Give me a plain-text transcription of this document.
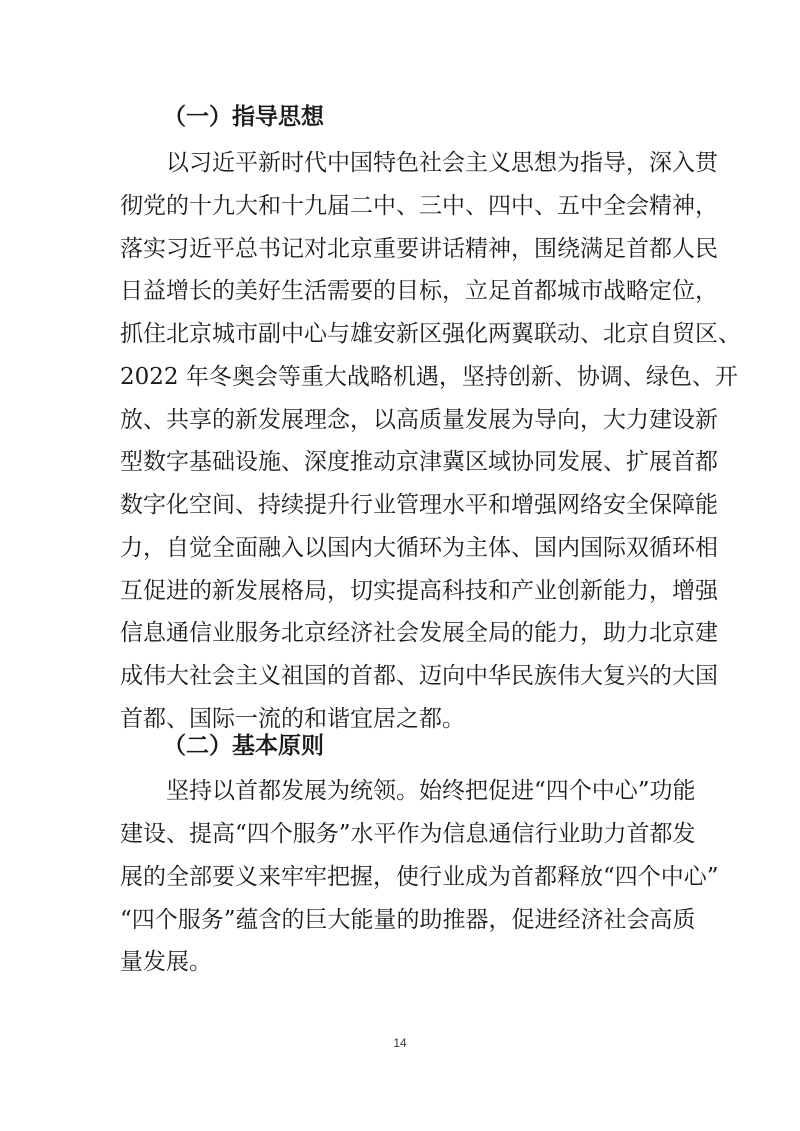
（一）指导思想
以习近平新时代中国特色社会主义思想为指导，深入贯
彻党的十九大和十九届二中、三中、四中、五中全会精神，
落实习近平总书记对北京重要讲话精神，围绕满足首都人民
日益增长的美好生活需要的目标，立足首都城市战略定位，
抓住北京城市副中心与雄安新区强化两翼联动、北京自贸区、
2022 年冬奥会等重大战略机遇，坚持创新、协调、绿色、开
放、共享的新发展理念，以高质量发展为导向，大力建设新
型数字基础设施、深度推动京津冀区域协同发展、扩展首都
数字化空间、持续提升行业管理水平和增强网络安全保障能
力，自觉全面融入以国内大循环为主体、国内国际双循环相
互促进的新发展格局，切实提高科技和产业创新能力，增强
信息通信业服务北京经济社会发展全局的能力，助力北京建
成伟大社会主义祖国的首都、迈向中华民族伟大复兴的大国
首都、国际一流的和谐宜居之都。
（二）基本原则
坚持以首都发展为统领。始终把促进“四个中心”功能
建设、提高“四个服务”水平作为信息通信行业助力首都发
展的全部要义来牢牢把握，使行业成为首都释放“四个中心”
“四个服务”蕴含的巨大能量的助推器，促进经济社会高质
量发展。
14
